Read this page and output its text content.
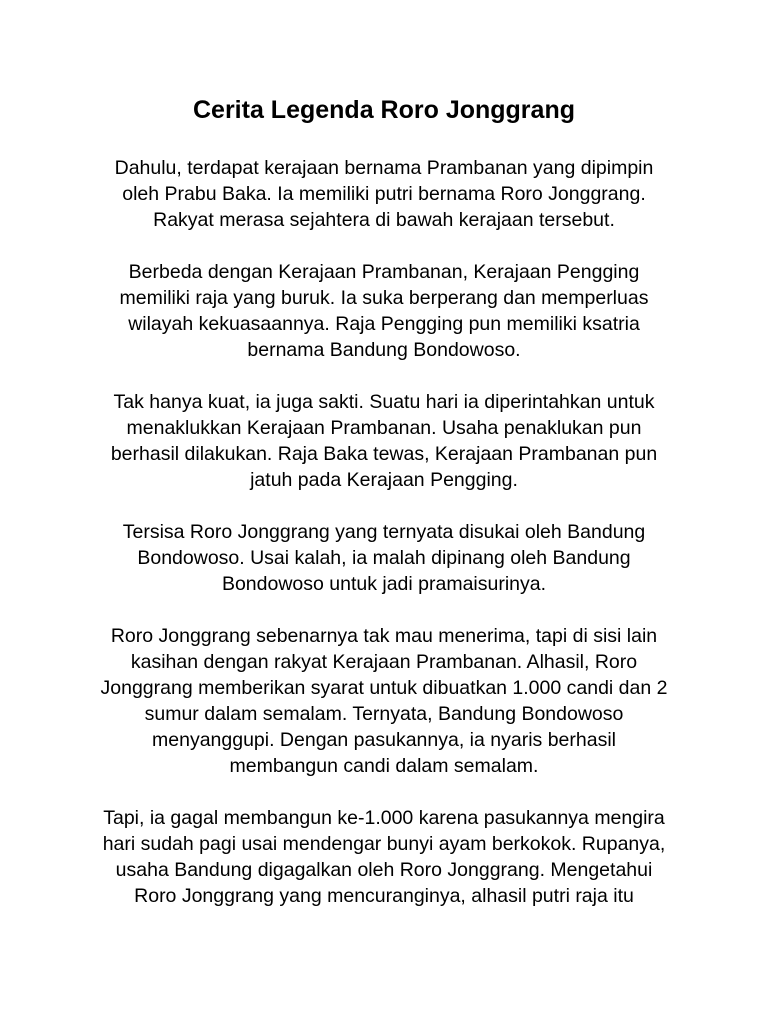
Cerita Legenda Roro Jonggrang

Dahulu, terdapat kerajaan bernama Prambanan yang dipimpin
oleh Prabu Baka. Ia memiliki putri bernama Roro Jonggrang.
Rakyat merasa sejahtera di bawah kerajaan tersebut.

Berbeda dengan Kerajaan Prambanan, Kerajaan Pengging
memiliki raja yang buruk. Ia suka berperang dan memperluas
wilayah kekuasaannya. Raja Pengging pun memiliki ksatria
bernama Bandung Bondowoso.

Tak hanya kuat, ia juga sakti. Suatu hari ia diperintahkan untuk
menaklukkan Kerajaan Prambanan. Usaha penaklukan pun
berhasil dilakukan. Raja Baka tewas, Kerajaan Prambanan pun
jatuh pada Kerajaan Pengging.

Tersisa Roro Jonggrang yang ternyata disukai oleh Bandung
Bondowoso. Usai kalah, ia malah dipinang oleh Bandung
Bondowoso untuk jadi pramaisurinya.

Roro Jonggrang sebenarnya tak mau menerima, tapi di sisi lain
kasihan dengan rakyat Kerajaan Prambanan. Alhasil, Roro
Jonggrang memberikan syarat untuk dibuatkan 1.000 candi dan 2
sumur dalam semalam. Ternyata, Bandung Bondowoso
menyanggupi. Dengan pasukannya, ia nyaris berhasil
membangun candi dalam semalam.

Tapi, ia gagal membangun ke-1.000 karena pasukannya mengira
hari sudah pagi usai mendengar bunyi ayam berkokok. Rupanya,
usaha Bandung digagalkan oleh Roro Jonggrang. Mengetahui
Roro Jonggrang yang mencuranginya, alhasil putri raja itu
